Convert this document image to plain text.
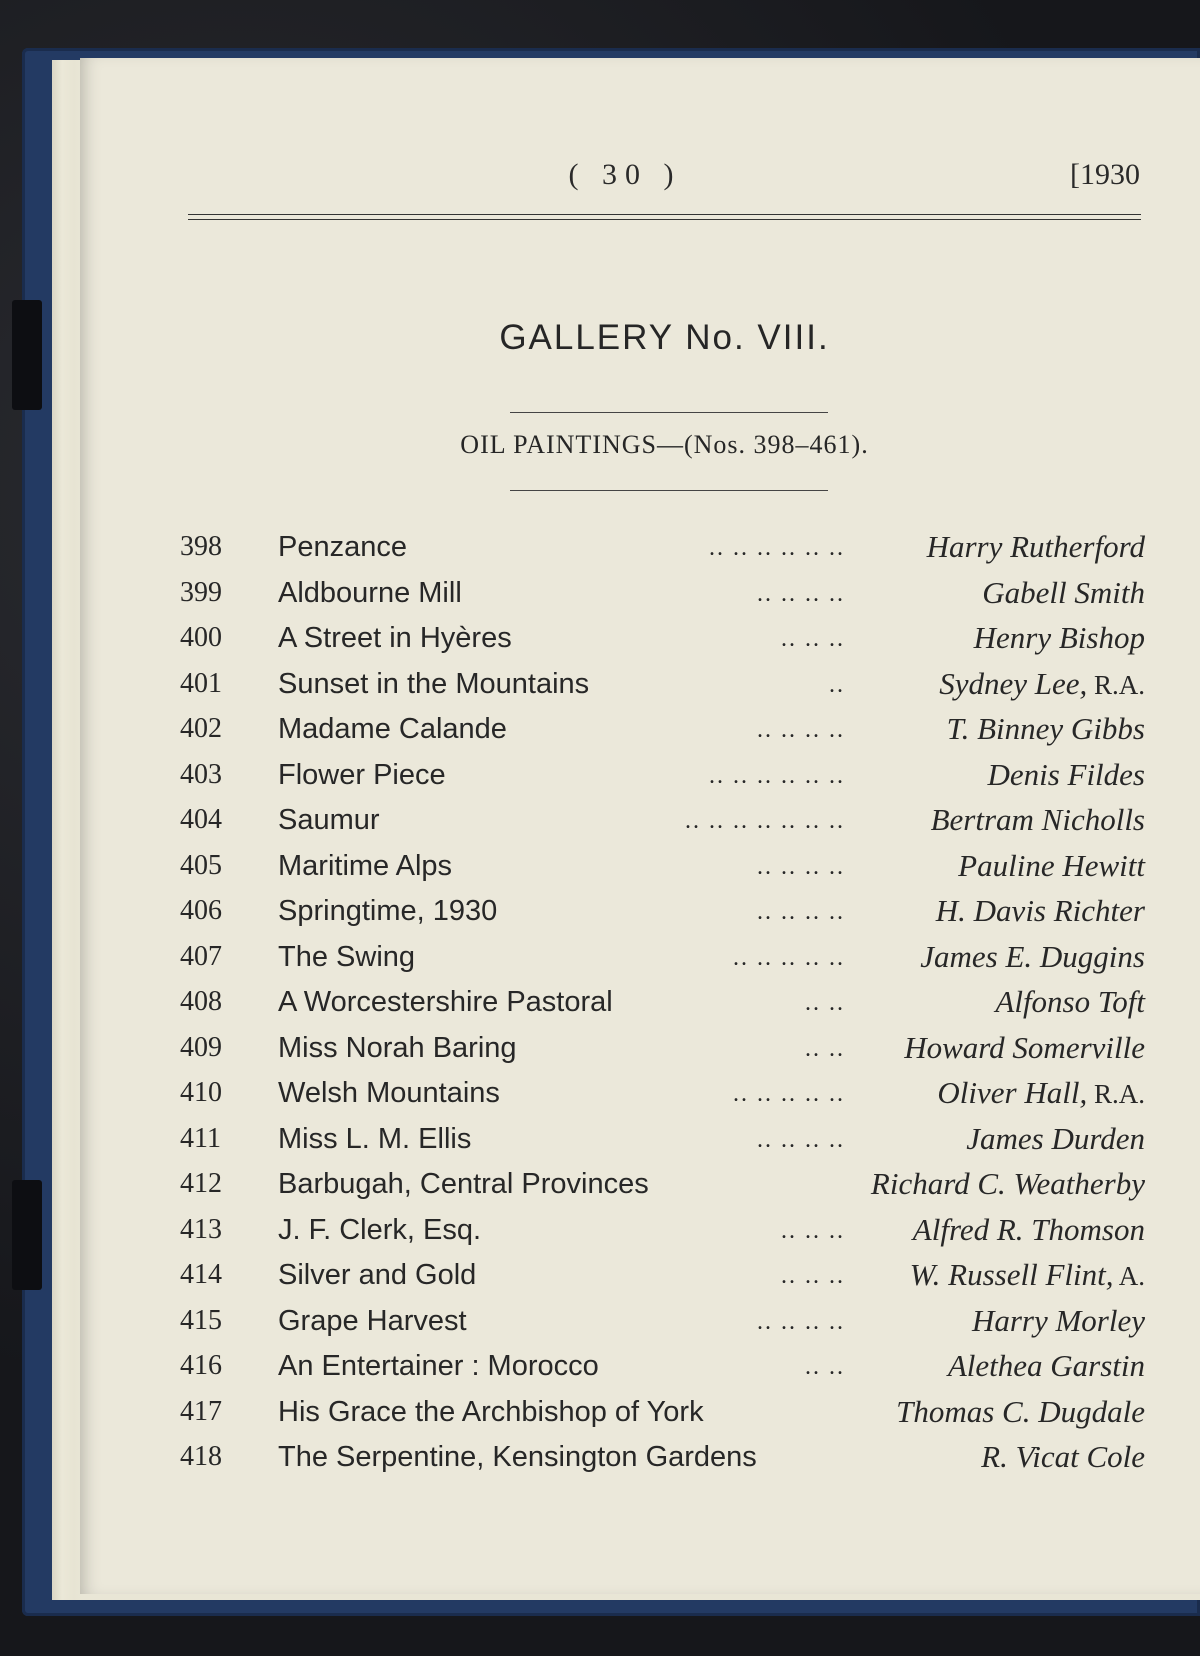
( 30 )	[1930
GALLERY No. VIII.
OIL PAINTINGS—(Nos. 398–461).
398 Penzance	.. .. .. .. .. ..	Harry Rutherford
399 Aldbourne Mill	.. .. .. ..	Gabell Smith
400 A Street in Hyères	.. .. ..	Henry Bishop
401 Sunset in the Mountains	..	Sydney Lee, R.A.
402 Madame Calande	.. .. .. ..	T. Binney Gibbs
403 Flower Piece	.. .. .. .. .. ..	Denis Fildes
404 Saumur	.. .. .. .. .. .. ..	Bertram Nicholls
405 Maritime Alps	.. .. .. ..	Pauline Hewitt
406 Springtime, 1930	.. .. .. ..	H. Davis Richter
407 The Swing	.. .. .. .. .. James E. Duggins
408 A Worcestershire Pastoral	.. ..	Alfonso Toft
409 Miss Norah Baring	.. .. Howard Somerville
410 Welsh Mountains	.. .. .. .. ..	Oliver Hall, R.A.
411 Miss L. M. Ellis	.. .. .. ..	James Durden
412 Barbugah, Central Provinces	Richard C. Weatherby
413 J. F. Clerk, Esq.	.. .. .. Alfred R. Thomson
414 Silver and Gold	.. .. .. W. Russell Flint, A.
415 Grape Harvest	.. .. .. ..	Harry Morley
416 An Entertainer : Morocco	.. ..	Alethea Garstin
417 His Grace the Archbishop of York	Thomas C. Dugdale
418 The Serpentine, Kensington Gardens	R. Vicat Cole
